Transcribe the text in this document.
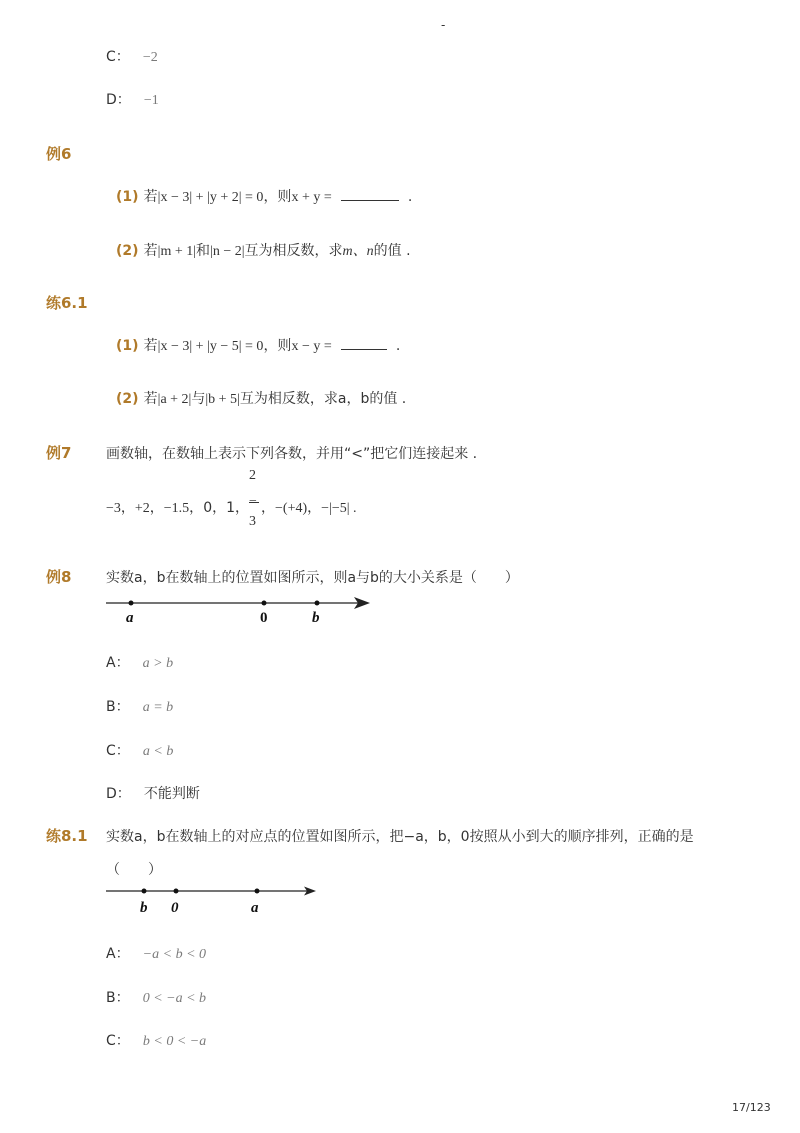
-
C： −2
D： −1
例6
(1) 若|x − 3| + |y + 2| = 0，则x + y =	.
(2) 若|m + 1|和|n − 2|互为相反数，求m、n的值 .
练6.1
(1) 若|x − 3| + |y − 5| = 0，则x − y =	.
(2) 若|a + 2|与|b + 5|互为相反数，求a，b的值 .
例7 画数轴，在数轴上表示下列各数，并用“<”把它们连接起来 .
−3，+2，−1.5，0，1，
2
3
− ，−(+4)，−|−5| .
例8 实数a，b在数轴上的位置如图所示，则a与b的大小关系是（　　）
a	0	b
A： a > b
B： a = b
C： a < b
D： 不能判断
练8.1 实数a，b在数轴上的对应点的位置如图所示，把−a，b，0按照从小到大的顺序排列，正确的是
（　　）
b 0	a
A： −a < b < 0
B： 0 < −a < b
C： b < 0 < −a
17/123
